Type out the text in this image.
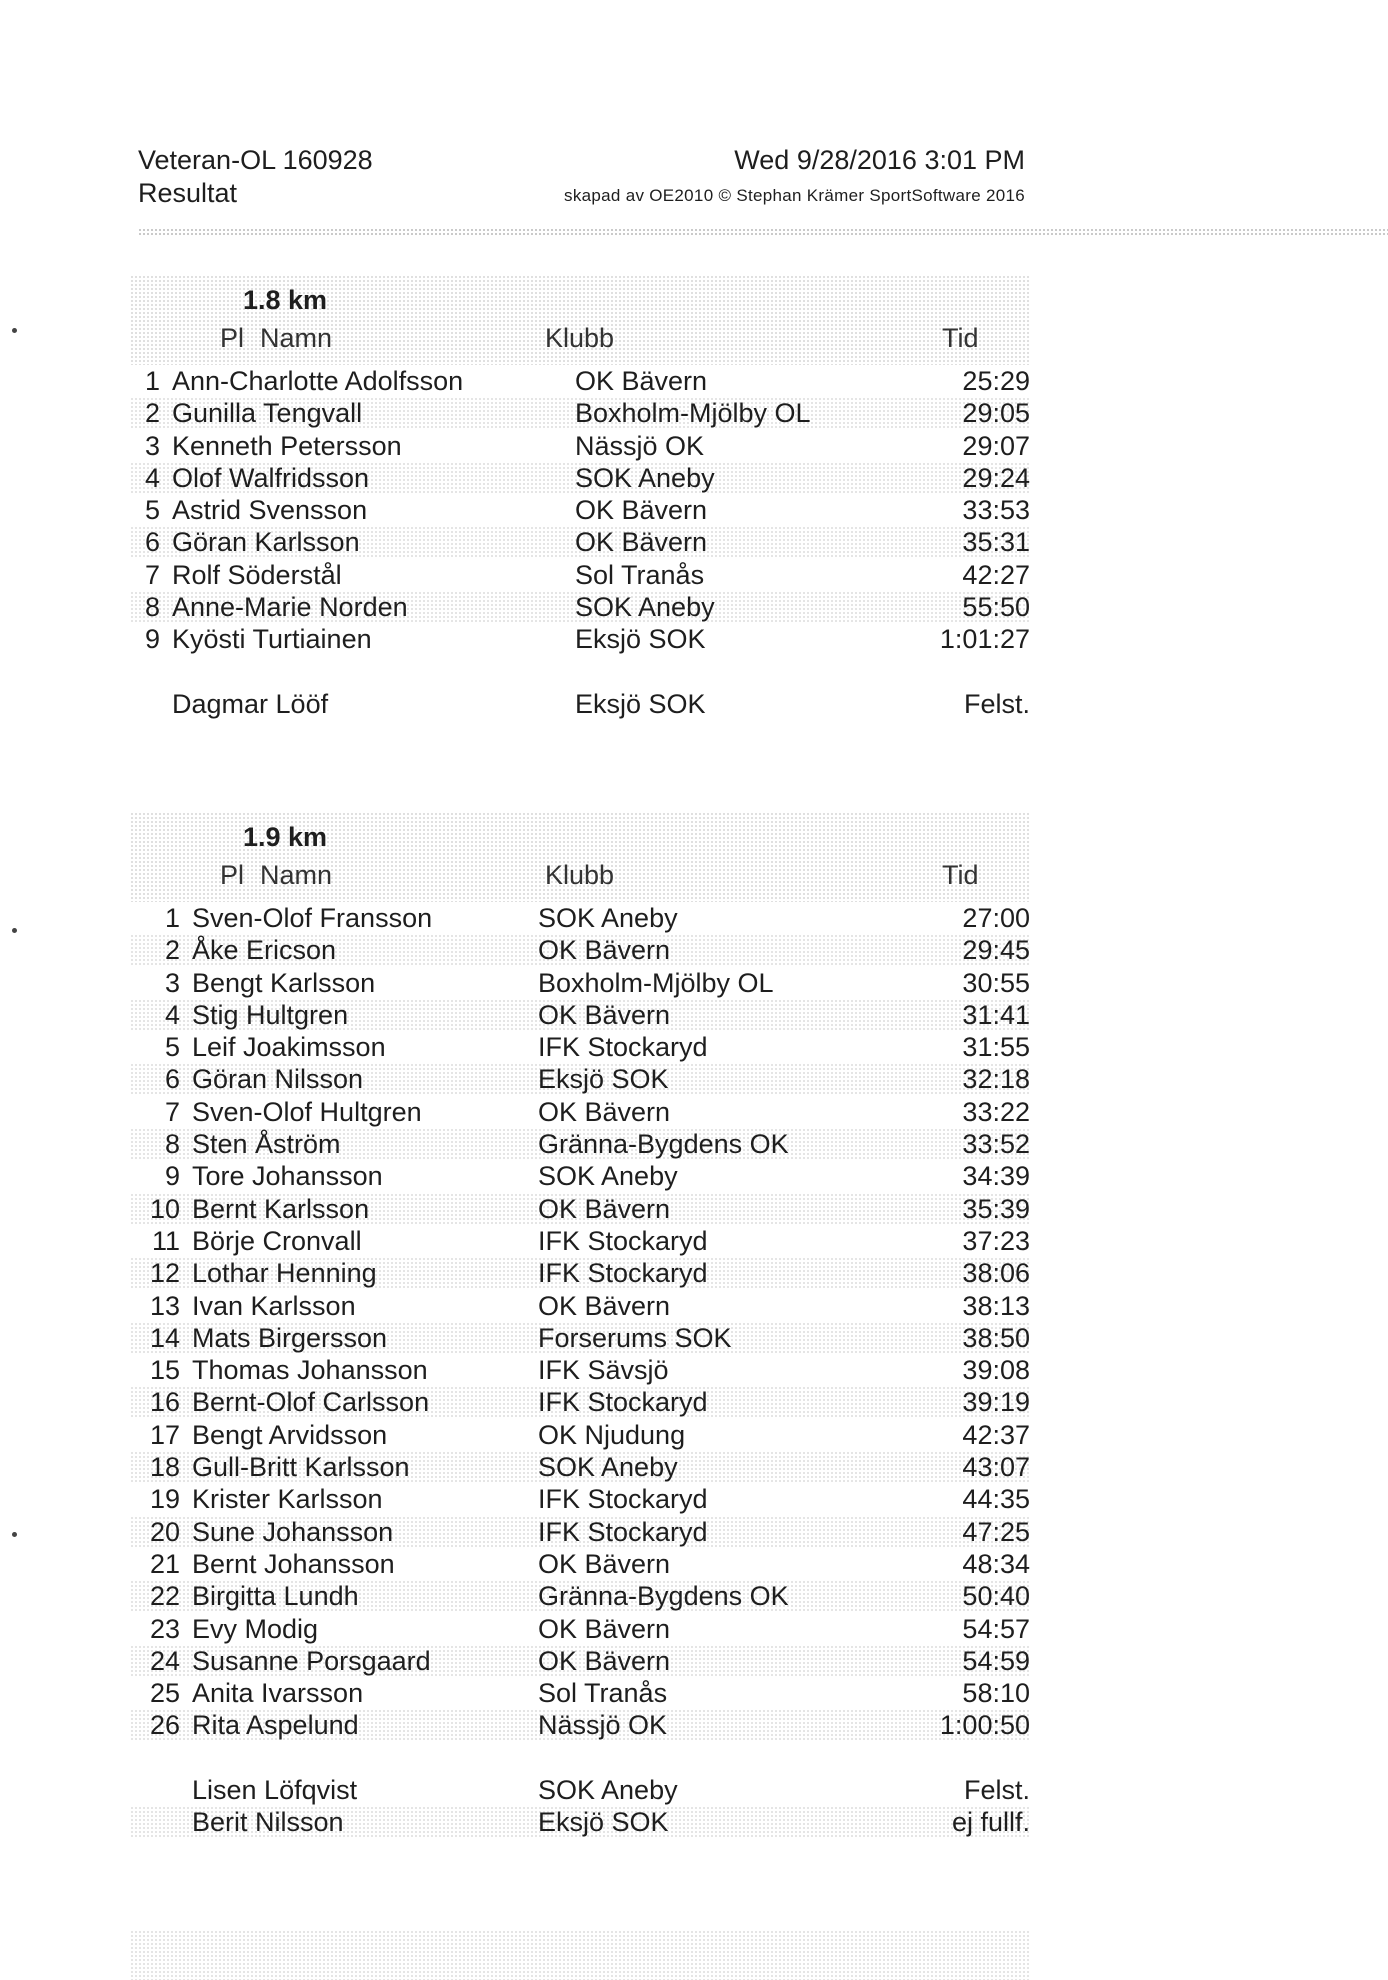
Veteran-OL 160928
Resultat
Wed 9/28/2016 3:01 PM
skapad av OE2010 © Stephan Krämer SportSoftware 2016
1.8 km
Pl Namn	Klubb	Tid
1 Ann-Charlotte Adolfsson	OK Bävern	25:29
2 Gunilla Tengvall	Boxholm-Mjölby OL	29:05
3 Kenneth Petersson	Nässjö OK	29:07
4 Olof Walfridsson	SOK Aneby	29:24
5 Astrid Svensson	OK Bävern	33:53
6 Göran Karlsson	OK Bävern	35:31
7 Rolf Söderstål	Sol Tranås	42:27
8 Anne-Marie Norden	SOK Aneby	55:50
9 Kyösti Turtiainen	Eksjö SOK	1:01:27
Dagmar Lööf	Eksjö SOK	Felst.
1.9 km
Pl Namn	Klubb	Tid
1 Sven-Olof Fransson	SOK Aneby	27:00
2 Åke Ericson	OK Bävern	29:45
3 Bengt Karlsson	Boxholm-Mjölby OL	30:55
4 Stig Hultgren	OK Bävern	31:41
5 Leif Joakimsson	IFK Stockaryd	31:55
6 Göran Nilsson	Eksjö SOK	32:18
7 Sven-Olof Hultgren	OK Bävern	33:22
8 Sten Åström	Gränna-Bygdens OK	33:52
9 Tore Johansson	SOK Aneby	34:39
10 Bernt Karlsson	OK Bävern	35:39
11 Börje Cronvall	IFK Stockaryd	37:23
12 Lothar Henning	IFK Stockaryd	38:06
13 Ivan Karlsson	OK Bävern	38:13
14 Mats Birgersson	Forserums SOK	38:50
15 Thomas Johansson	IFK Sävsjö	39:08
16 Bernt-Olof Carlsson	IFK Stockaryd	39:19
17 Bengt Arvidsson	OK Njudung	42:37
18 Gull-Britt Karlsson	SOK Aneby	43:07
19 Krister Karlsson	IFK Stockaryd	44:35
20 Sune Johansson	IFK Stockaryd	47:25
21 Bernt Johansson	OK Bävern	48:34
22 Birgitta Lundh	Gränna-Bygdens OK	50:40
23 Evy Modig	OK Bävern	54:57
24 Susanne Porsgaard	OK Bävern	54:59
25 Anita Ivarsson	Sol Tranås	58:10
26 Rita Aspelund	Nässjö OK	1:00:50
Lisen Löfqvist	SOK Aneby	Felst.
Berit Nilsson	Eksjö SOK	ej fullf.
